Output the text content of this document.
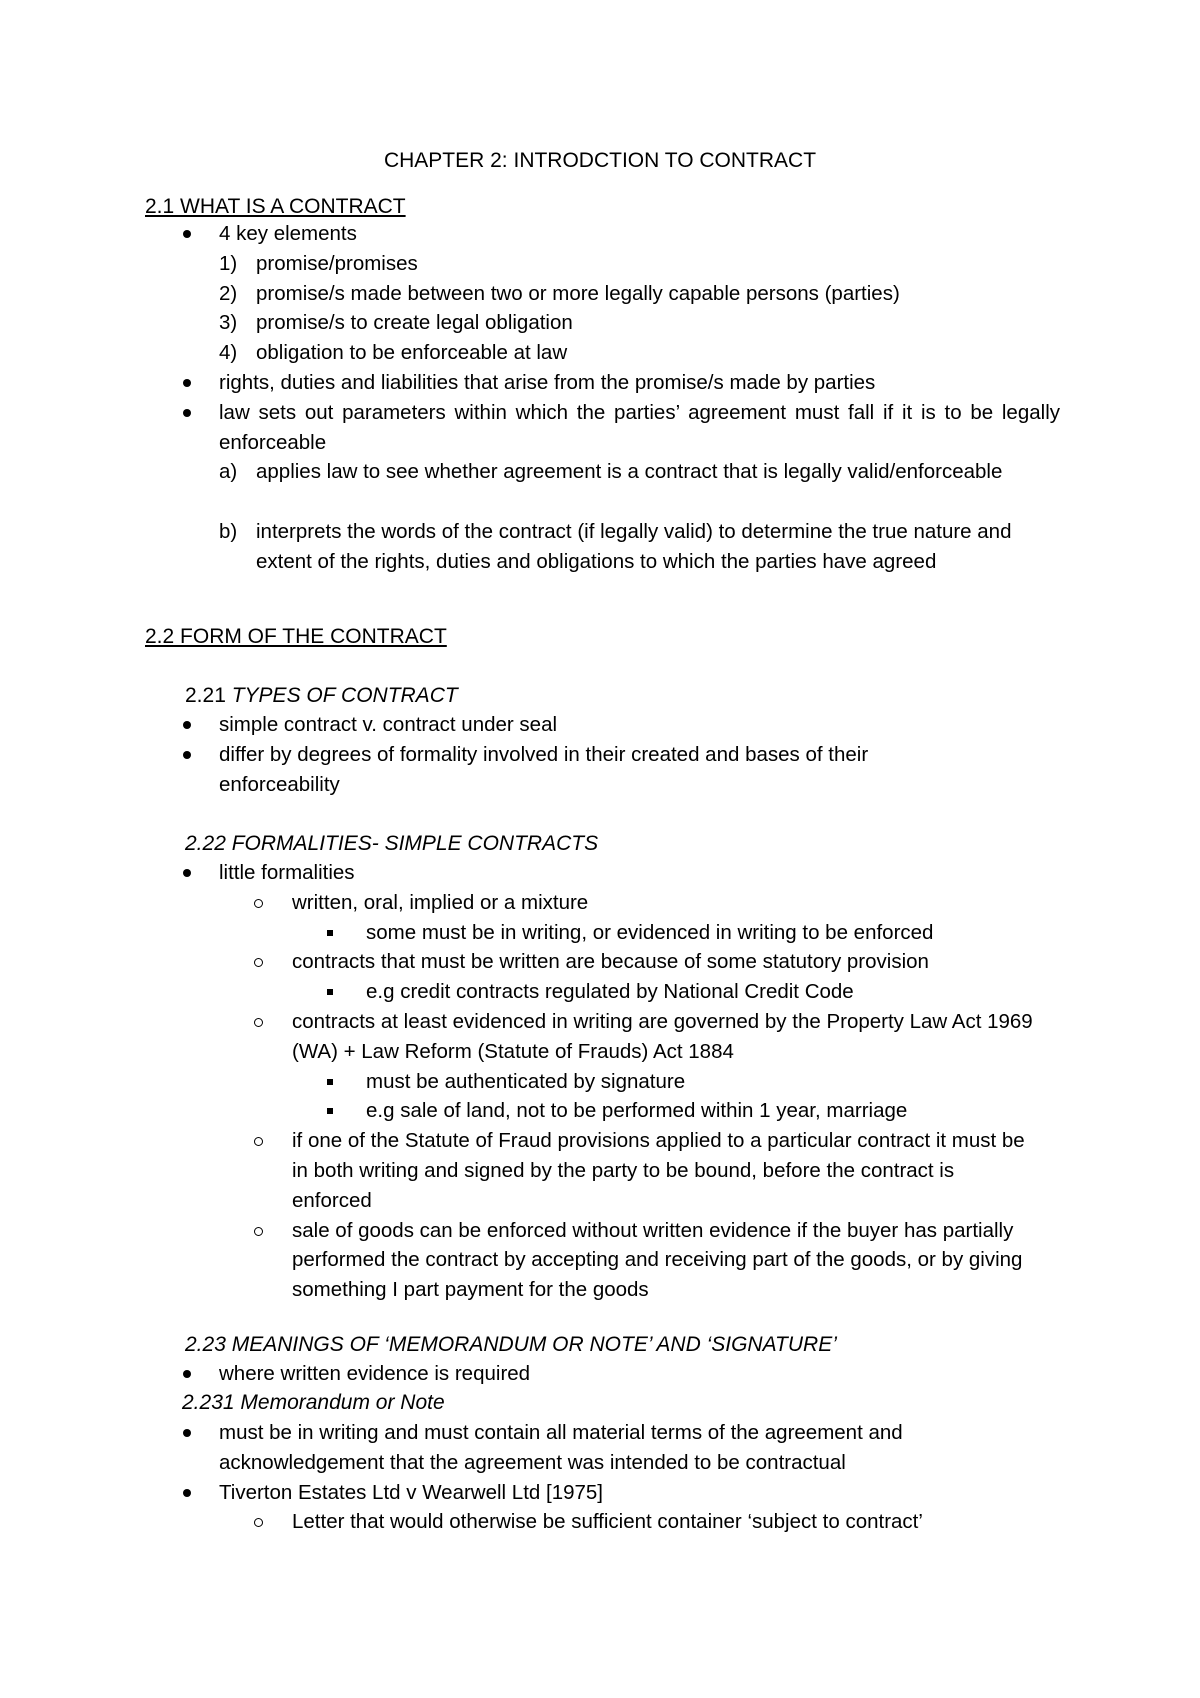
CHAPTER 2: INTRODCTION TO CONTRACT
2.1 WHAT IS A CONTRACT
4 key elements
1) promise/promises
2) promise/s made between two or more legally capable persons (parties)
3) promise/s to create legal obligation
4) obligation to be enforceable at law
rights, duties and liabilities that arise from the promise/s made by parties
law sets out parameters within which the parties’ agreement must fall if it is to be legally enforceable
a) applies law to see whether agreement is a contract that is legally valid/enforceable
b) interprets the words of the contract (if legally valid) to determine the true nature and extent of the rights, duties and obligations to which the parties have agreed
2.2 FORM OF THE CONTRACT
2.21 TYPES OF CONTRACT
simple contract v. contract under seal
differ by degrees of formality involved in their created and bases of their enforceability
2.22 FORMALITIES- SIMPLE CONTRACTS
little formalities
written, oral, implied or a mixture
some must be in writing, or evidenced in writing to be enforced
contracts that must be written are because of some statutory provision
e.g credit contracts regulated by National Credit Code
contracts at least evidenced in writing are governed by the Property Law Act 1969 (WA) + Law Reform (Statute of Frauds) Act 1884
must be authenticated by signature
e.g sale of land, not to be performed within 1 year, marriage
if one of the Statute of Fraud provisions applied to a particular contract it must be in both writing and signed by the party to be bound, before the contract is enforced
sale of goods can be enforced without written evidence if the buyer has partially performed the contract by accepting and receiving part of the goods, or by giving something I part payment for the goods
2.23 MEANINGS OF ‘MEMORANDUM OR NOTE’ AND ‘SIGNATURE’
where written evidence is required
2.231 Memorandum or Note
must be in writing and must contain all material terms of the agreement and acknowledgement that the agreement was intended to be contractual
Tiverton Estates Ltd v Wearwell Ltd [1975]
Letter that would otherwise be sufficient container ‘subject to contract’
